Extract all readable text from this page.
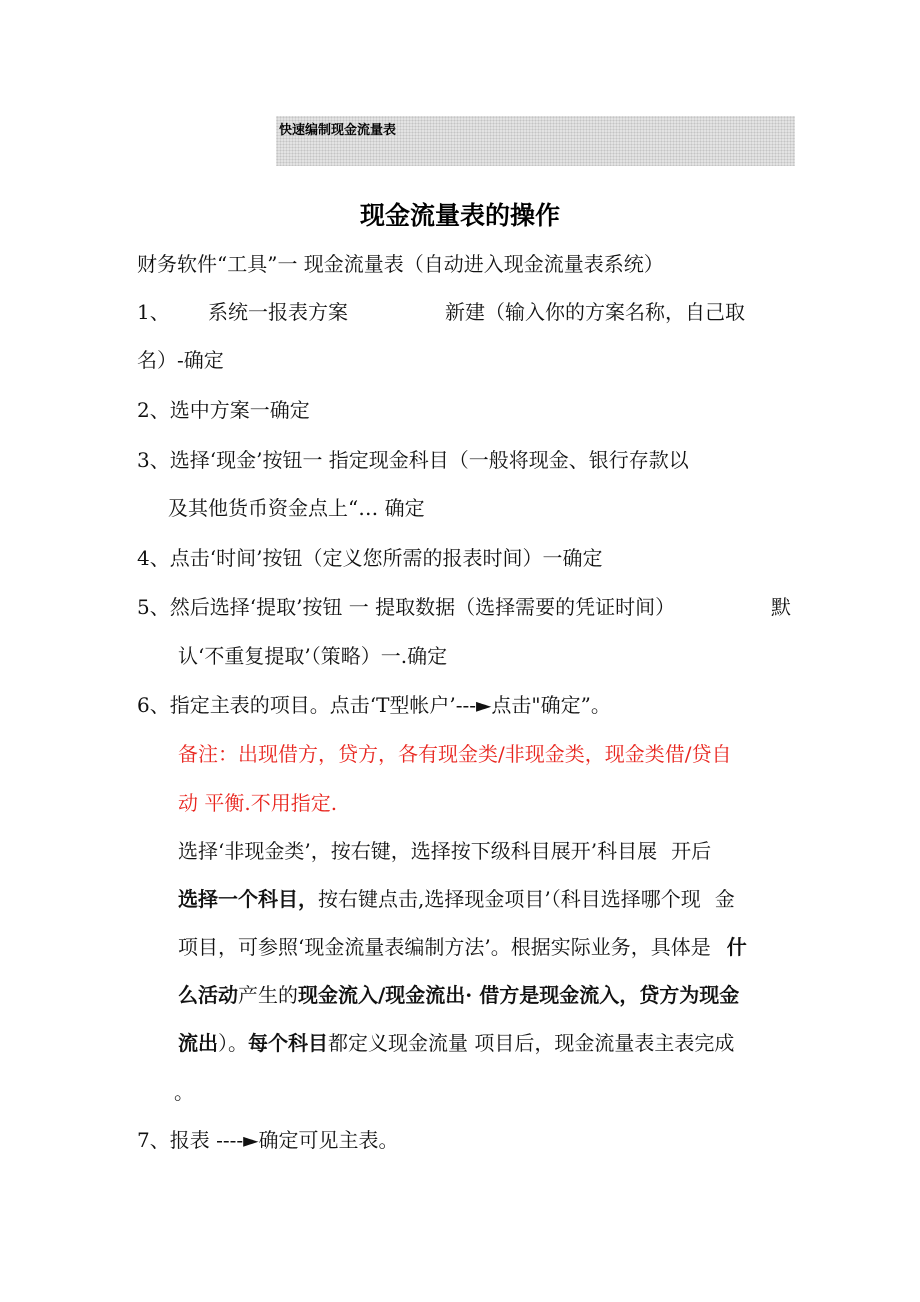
快速编制现金流量表
现金流量表的操作
财务软件“工具”一 现金流量表（自动进入现金流量表系统）
1、 系统一报表方案	新建（输入你的方案名称，自己取
名）-确定
2、选中方案一确定
3、选择‘现金’按钮一 指定现金科目（一般将现金、银行存款以
及其他货币资金点上“… 确定
4、点击‘时间’按钮（定义您所需的报表时间）一确定
5、然后选择‘提取’按钮 一 提取数据（选择需要的凭证时间）	默
认‘不重复提取’（策略）一.确定
6、指定主表的项目。点击‘T型帐户’---►点击"确定”。
备注：出现借方，贷方，各有现金类/非现金类，现金类借/贷自
动 平衡.不用指定.
选择‘非现金类’，按右键，选择按下级科目展开’科目展 开后
选择一个科目，按右键点击,选择现金项目’（科目选择哪个现 金
项目，可参照‘现金流量表编制方法’。根据实际业务，具体是 什
么活动产生的现金流入/现金流出· 借方是现金流入，贷方为现金
流出）。每个科目都定义现金流量 项目后，现金流量表主表完成
。
7、报表 ----►确定可见主表。
